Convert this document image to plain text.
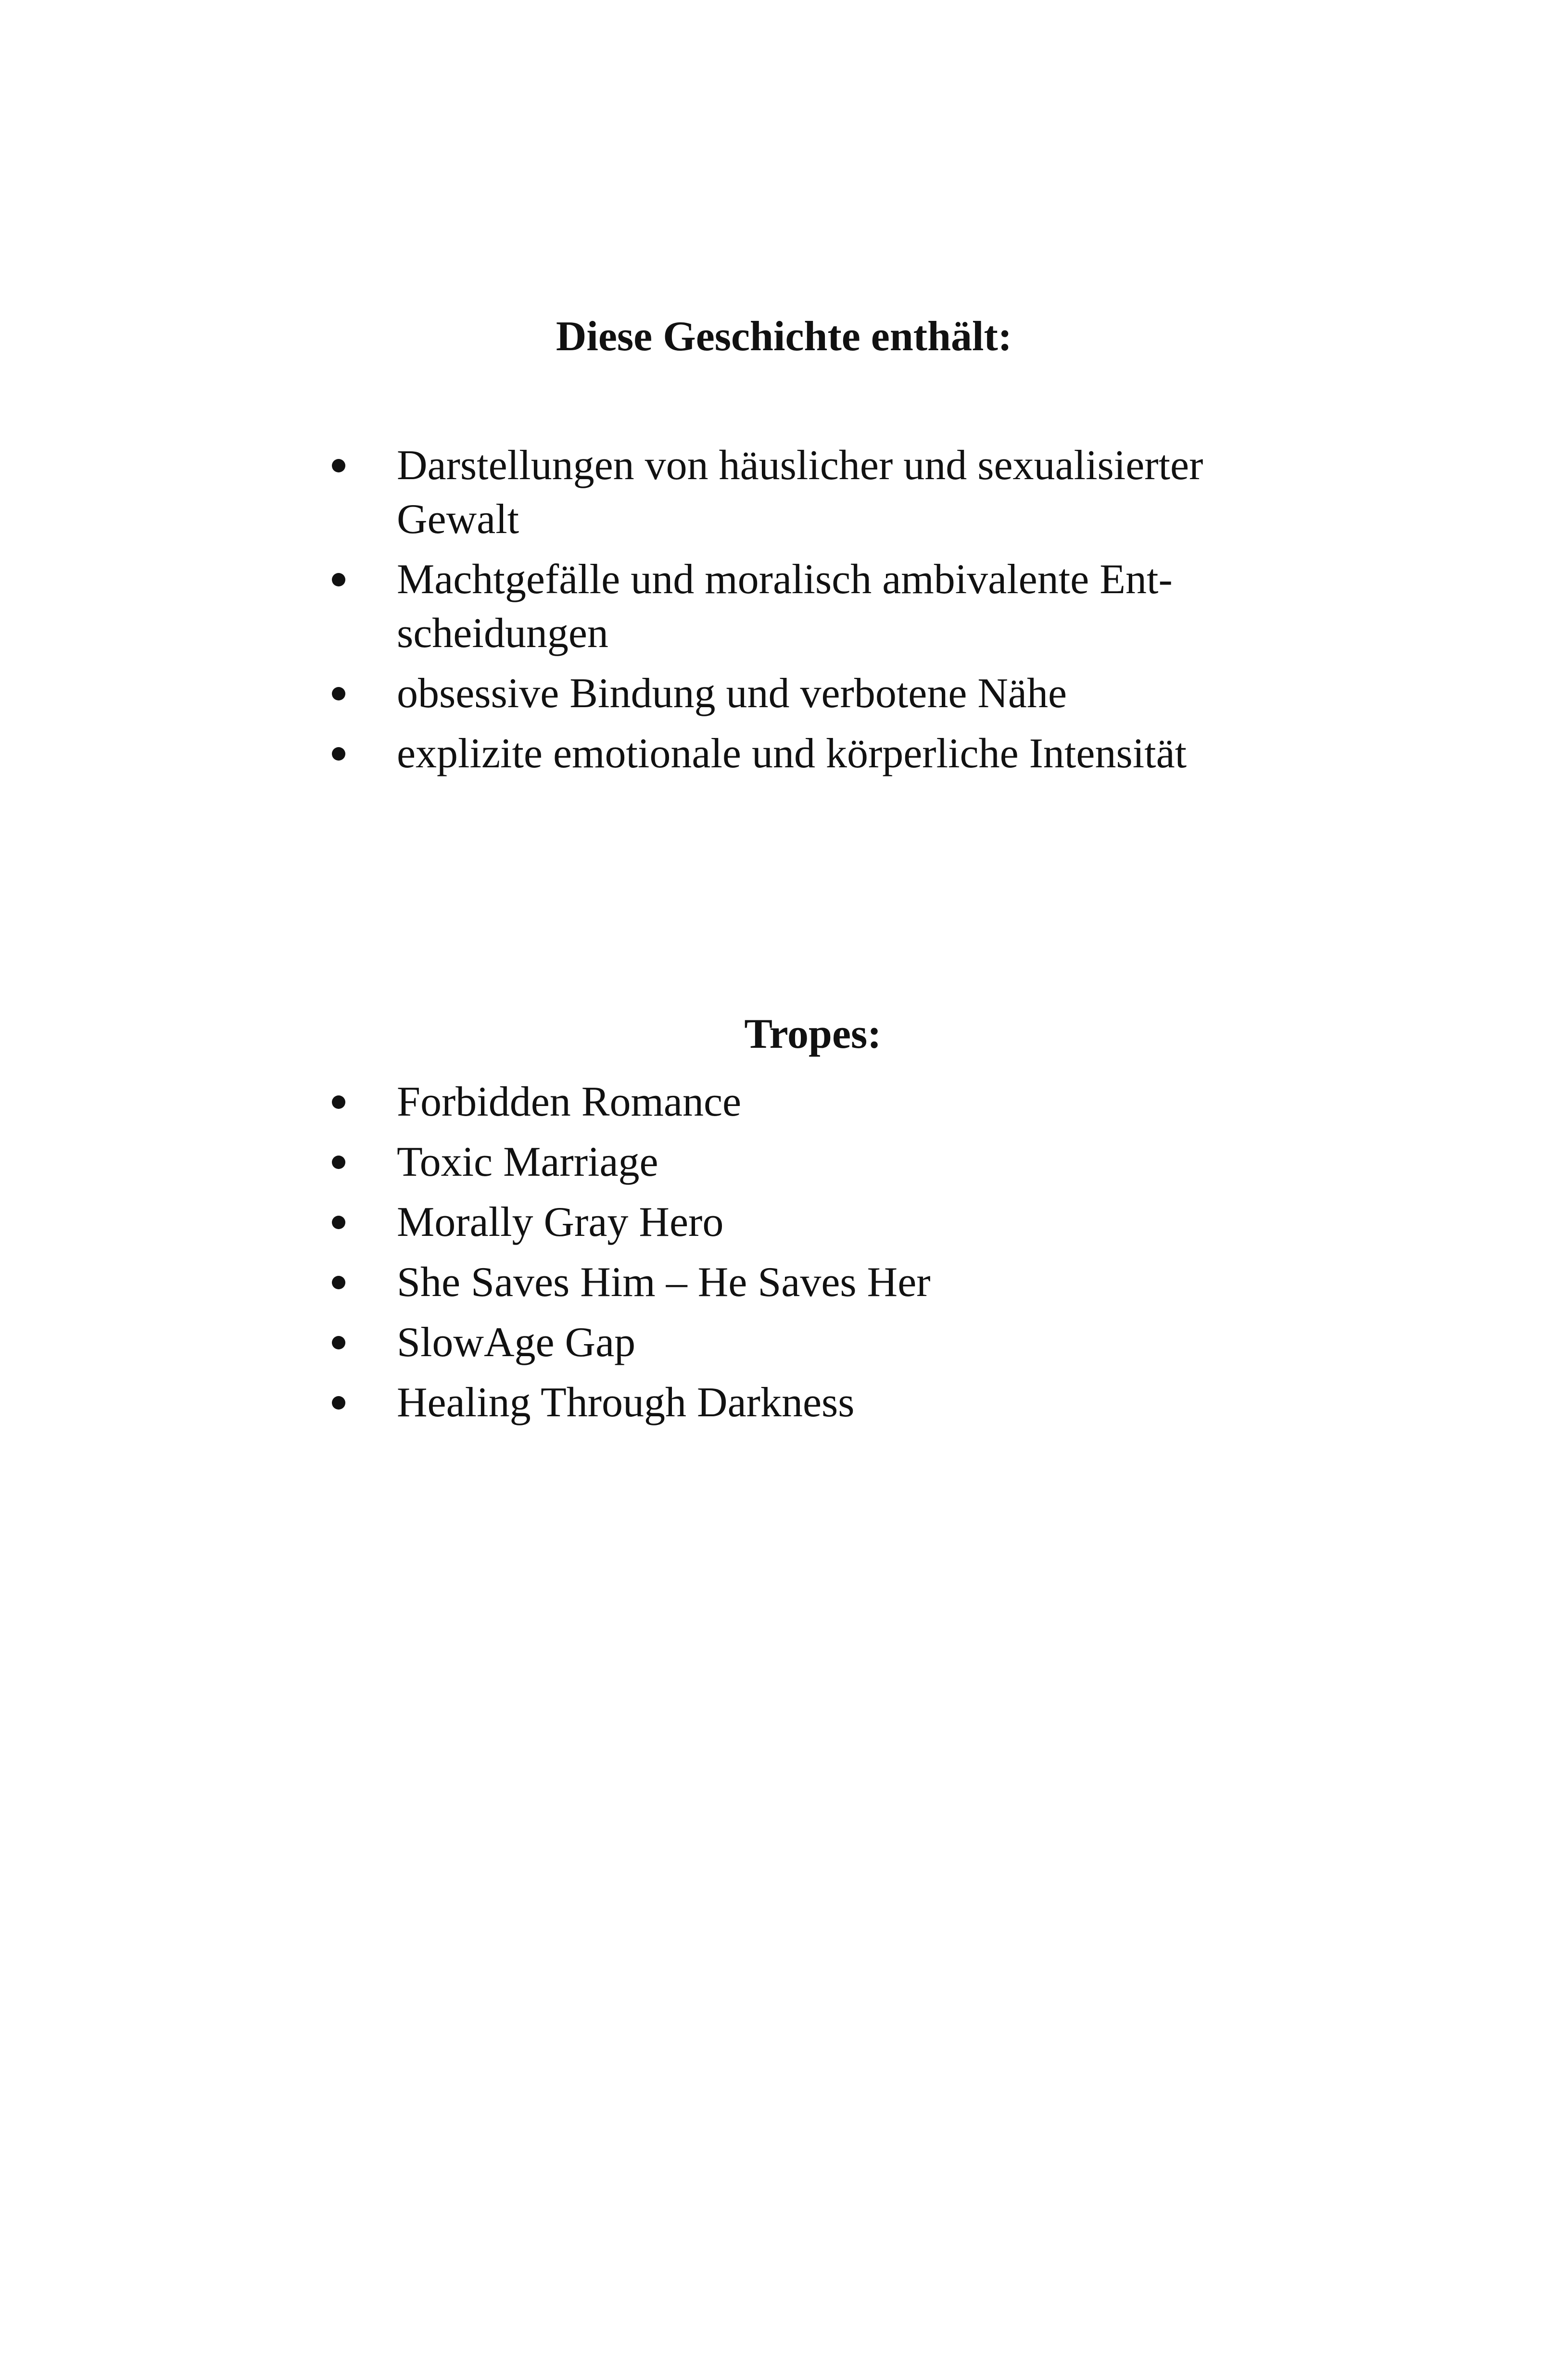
Diese Geschichte enthält:
Darstellungen von häuslicher und sexualisierter
Gewalt
Machtgefälle und moralisch ambivalente Ent-
scheidungen
obsessive Bindung und verbotene Nähe
explizite emotionale und körperliche Intensität
Tropes:
Forbidden Romance
Toxic Marriage
Morally Gray Hero
She Saves Him – He Saves Her
SlowAge Gap
Healing Through Darkness
